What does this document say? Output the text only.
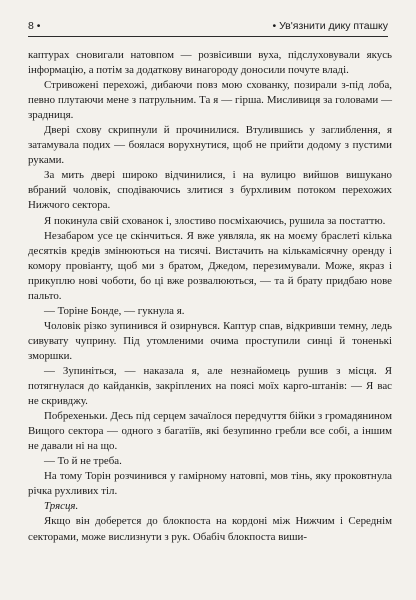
8 •	• Ув'язнити дику пташку

каптурах сновигали натовпом — розвісивши вуха, підслуховували якусь інформацію, а потім за додаткову винагороду доносили почуте владі.

Стривожені перехожі, дибаючи повз мою схованку, позирали з-під лоба, певно плутаючи мене з патрульним. Та я — гірша. Мисливиця за головами — зрадниця.

Двері схову скрипнули й прочинилися. Втулившись у заглиблення, я затамувала подих — боялася ворухнутися, щоб не прийти додому з пустими руками.

За мить двері широко відчинилися, і на вулицю вийшов вишукано вбраний чоловік, сподіваючись злитися з бурхливим потоком перехожих Нижчого сектора.

Я покинула свій схованок і, злостиво посміхаючись, рушила за постаттю.

Незабаром усе це скінчиться. Я вже уявляла, як на моєму браслеті кілька десятків кредів змінюються на тисячі. Вистачить на кількамісячну оренду і комору провіанту, щоб ми з братом, Джедом, перезимували. Може, якраз і прикуплю нові чоботи, бо ці вже розвалюються, — та й брату придбаю нове пальто.

— Торіне Бонде, — гукнула я.

Чоловік різко зупинився й озирнувся. Каптур спав, відкривши темну, ледь сивувату чуприну. Під утомленими очима проступили синці й тоненькі зморшки.

— Зупиніться, — наказала я, але незнайомець рушив з місця. Я потягнулася до кайданків, закріплених на поясі моїх карго-штанів: — Я вас не скривджу.

Побрехеньки. Десь під серцем зачаїлося передчуття бійки з громадянином Вищого сектора — одного з багатіїв, які безупинно гребли все собі, а іншим не давали ні на що.

— То й не треба.

На тому Торін розчинився у гамірному натовпі, мов тінь, яку проковтнула річка рухливих тіл.

Трясця.

Якщо він доберется до блокпоста на кордоні між Нижчим і Середнім секторами, може вислизнути з рук. Обабіч блокпоста виши-
